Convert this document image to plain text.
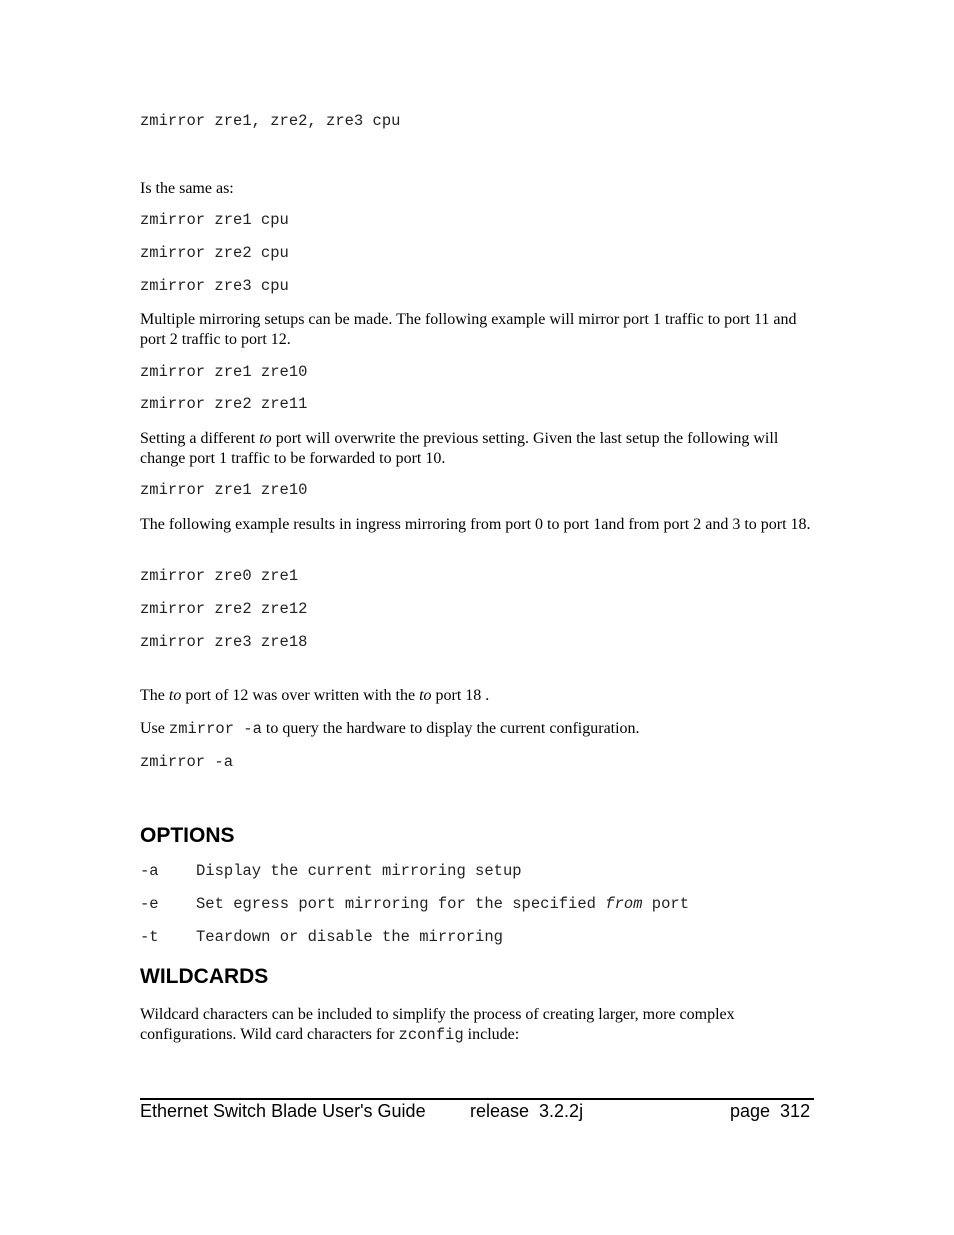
zmirror zre1, zre2, zre3 cpu
Is the same as:
zmirror zre1 cpu
zmirror zre2 cpu
zmirror zre3 cpu
Multiple mirroring setups can be made. The following example will mirror port 1 traffic to port 11 and port 2 traffic to port 12.
zmirror zre1 zre10
zmirror zre2 zre11
Setting a different to port will overwrite the previous setting. Given the last setup the following will change port 1 traffic to be forwarded to port 10.
zmirror zre1 zre10
The following example results in ingress mirroring from port 0 to port 1and from port 2 and 3 to port 18.
zmirror zre0 zre1
zmirror zre2 zre12
zmirror zre3 zre18
The to port of 12 was over written with the to port 18 .
Use zmirror -a to query the hardware to display the current configuration.
zmirror -a
OPTIONS
-a Display the current mirroring setup
-e Set egress port mirroring for the specified from port
-t Teardown or disable the mirroring
WILDCARDS
Wildcard characters can be included to simplify the process of creating larger, more complex configurations. Wild card characters for zconfig include:
Ethernet Switch Blade User's Guide release  3.2.2j	page  312
